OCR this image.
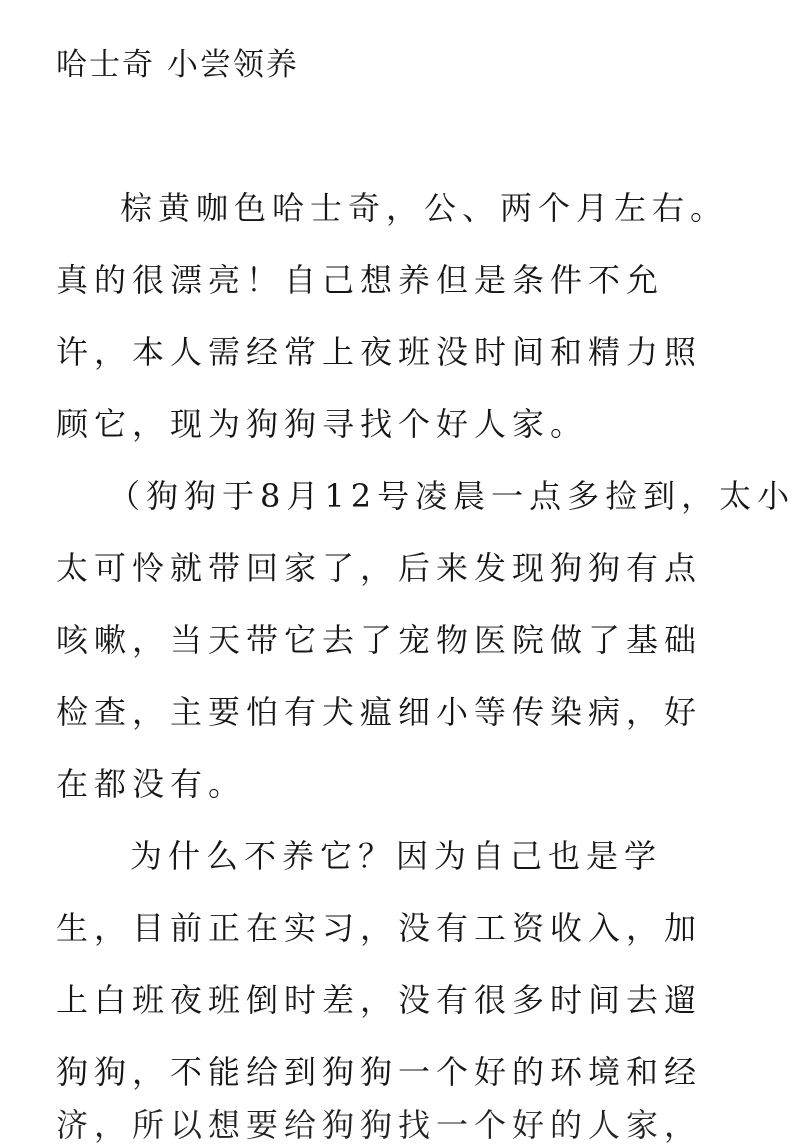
哈士奇 小尝领养
棕黄咖色哈士奇，公、两个月左右。
真的很漂亮！自己想养但是条件不允
许，本人需经常上夜班没时间和精力照
顾它，现为狗狗寻找个好人家。
（狗狗于8月12号凌晨一点多捡到，太小
太可怜就带回家了，后来发现狗狗有点
咳嗽，当天带它去了宠物医院做了基础
检查，主要怕有犬瘟细小等传染病，好
在都没有。
为什么不养它？因为自己也是学
生，目前正在实习，没有工资收入，加
上白班夜班倒时差，没有很多时间去遛
狗狗，不能给到狗狗一个好的环境和经
济，所以想要给狗狗找一个好的人家，
